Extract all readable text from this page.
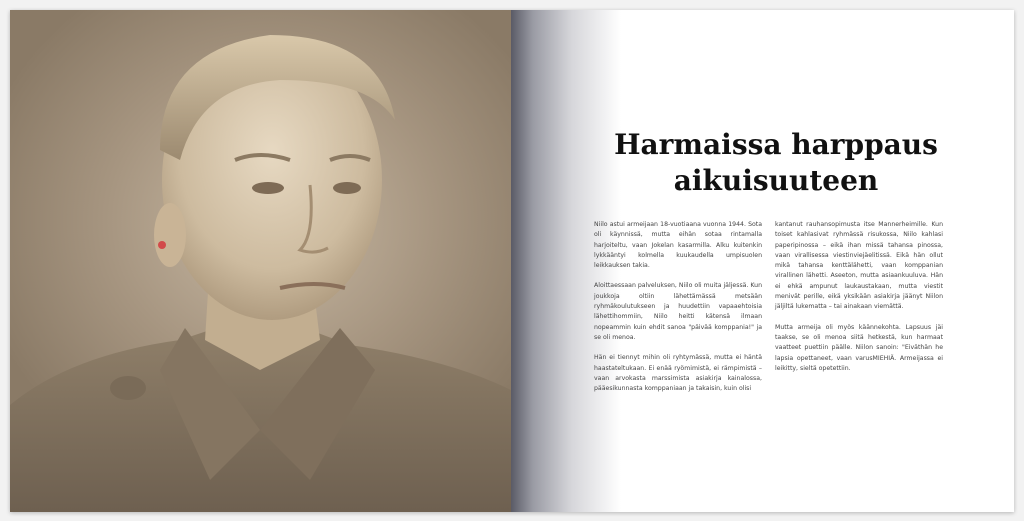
Harmaissa harppaus aikuisuuteen

Niilo astui armeijaan 18-vuotiaana vuonna 1944. Sota oli käynnissä, mutta eihän sotaa rintamalla harjoiteltu, vaan Jokelan kasarmilla. Alku kuitenkin lykkääntyi kolmella kuukaudella umpisuolen leikkauksen takia.

Aloittaessaan palveluksen, Niilo oli muita jäljessä. Kun joukkoja oltiin lähettämässä metsään ryhmäkoulutukseen ja huudettiin vapaaehtoisia lähettihommiin, Niilo heitti kätensä ilmaan nopeammin kuin ehdit sanoa "päivää komppania!" ja se oli menoa.

Hän ei tiennyt mihin oli ryhtymässä, mutta ei häntä haastateltukaan. Ei enää ryömimistä, ei rämpimistä – vaan arvokasta marssimista asiakirja kainalossa, pääesikunnasta komppaniaan ja takaisin, kuin olisi

kantanut rauhansopimusta itse Mannerheimille. Kun toiset kahlasivat ryhmässä risukossa, Niilo kahlasi paperipinossa – eikä ihan missä tahansa pinossa, vaan virallisessa viestinviejäelitissä. Eikä hän ollut mikä tahansa kenttälähetti, vaan komppanian virallinen lähetti. Aseeton, mutta asiaankuuluva. Hän ei ehkä ampunut laukaustakaan, mutta viestit menivät perille, eikä yksikään asiakirja jäänyt Niilon jäljiltä lukematta – tai ainakaan viemättä.

Mutta armeija oli myös käännekohta. Lapsuus jäi taakse, se oli menoa siitä hetkestä, kun harmaat vaatteet puettiin päälle. Niilon sanoin: "Eiväthän he lapsia opettaneet, vaan varusMIEHIÄ. Armeijassa ei leikitty, sieltä opetettiin.
